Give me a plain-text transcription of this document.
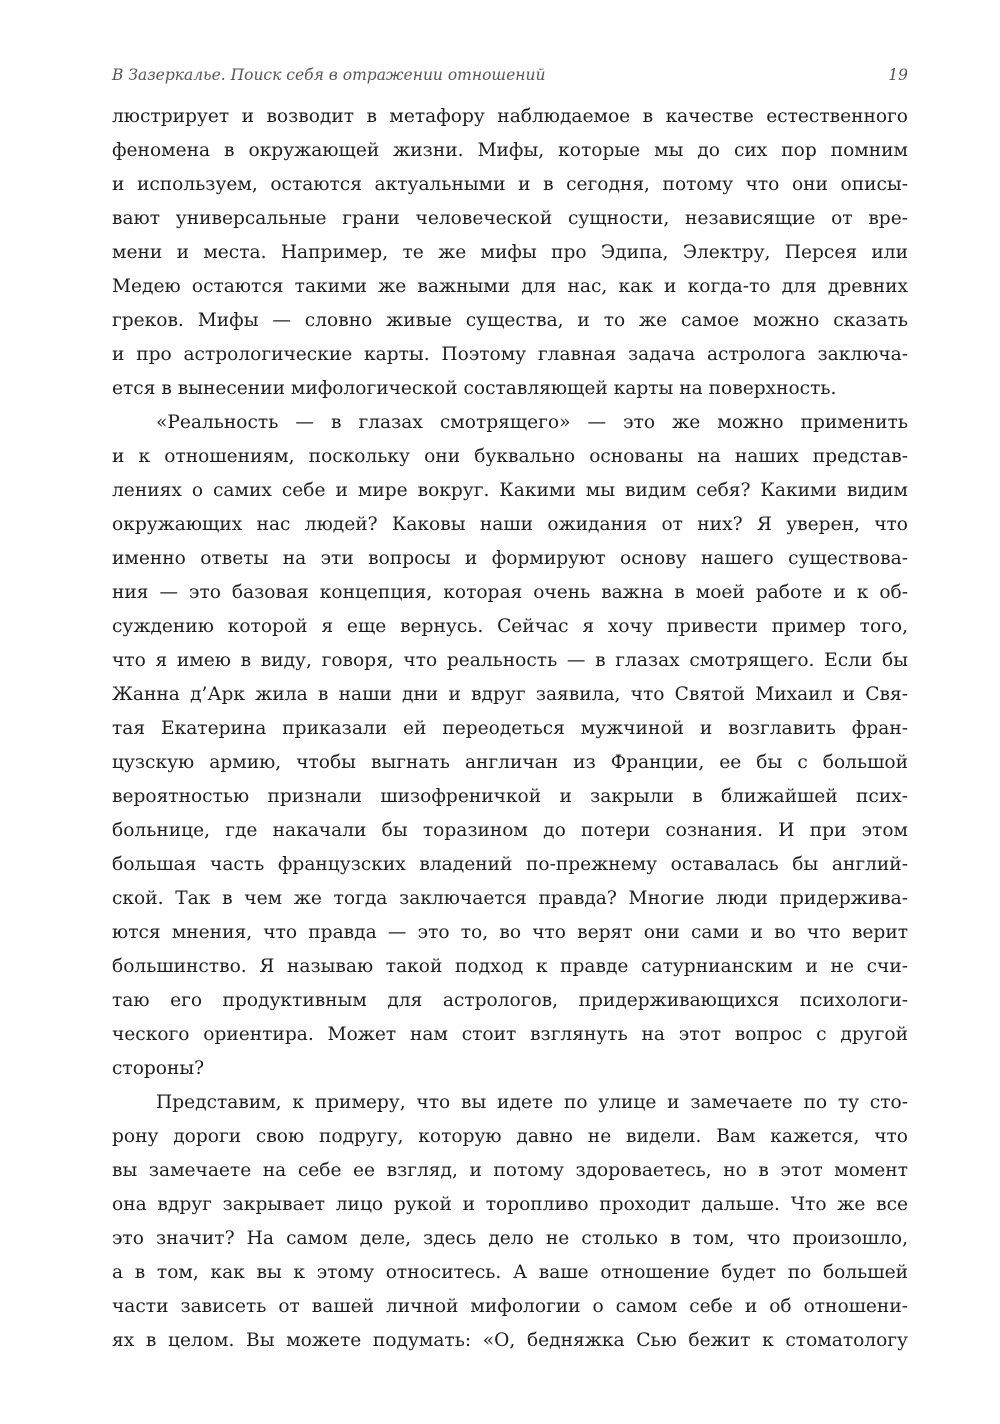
В Зазеркалье. Поиск себя в отражении отношений	19
люстрирует и возводит в метафору наблюдаемое в качестве естественного
феномена в окружающей жизни. Мифы, которые мы до сих пор помним
и используем, остаются актуальными и в сегодня, потому что они описы-
вают универсальные грани человеческой сущности, независящие от вре-
мени и места. Например, те же мифы про Эдипа, Электру, Персея или
Медею остаются такими же важными для нас, как и когда-то для древних
греков. Мифы — словно живые существа, и то же самое можно сказать
и про астрологические карты. Поэтому главная задача астролога заключа-
ется в вынесении мифологической составляющей карты на поверхность.
«Реальность — в глазах смотрящего» — это же можно применить
и к отношениям, поскольку они буквально основаны на наших представ-
лениях о самих себе и мире вокруг. Какими мы видим себя? Какими видим
окружающих нас людей? Каковы наши ожидания от них? Я уверен, что
именно ответы на эти вопросы и формируют основу нашего существова-
ния — это базовая концепция, которая очень важна в моей работе и к об-
суждению которой я еще вернусь. Сейчас я хочу привести пример того,
что я имею в виду, говоря, что реальность — в глазах смотрящего. Если бы
Жанна д’Арк жила в наши дни и вдруг заявила, что Святой Михаил и Свя-
тая Екатерина приказали ей переодеться мужчиной и возглавить фран-
цузскую армию, чтобы выгнать англичан из Франции, ее бы с большой
вероятностью признали шизофреничкой и закрыли в ближайшей псих-
больнице, где накачали бы торазином до потери сознания. И при этом
большая часть французских владений по-прежнему оставалась бы англий-
ской. Так в чем же тогда заключается правда? Многие люди придержива-
ются мнения, что правда — это то, во что верят они сами и во что верит
большинство. Я называю такой подход к правде сатурнианским и не счи-
таю его продуктивным для астрологов, придерживающихся психологи-
ческого ориентира. Может нам стоит взглянуть на этот вопрос с другой
стороны?
Представим, к примеру, что вы идете по улице и замечаете по ту сто-
рону дороги свою подругу, которую давно не видели. Вам кажется, что
вы замечаете на себе ее взгляд, и потому здороваетесь, но в этот момент
она вдруг закрывает лицо рукой и торопливо проходит дальше. Что же все
это значит? На самом деле, здесь дело не столько в том, что произошло,
а в том, как вы к этому относитесь. А ваше отношение будет по большей
части зависеть от вашей личной мифологии о самом себе и об отношени-
ях в целом. Вы можете подумать: «О, бедняжка Сью бежит к стоматологу
